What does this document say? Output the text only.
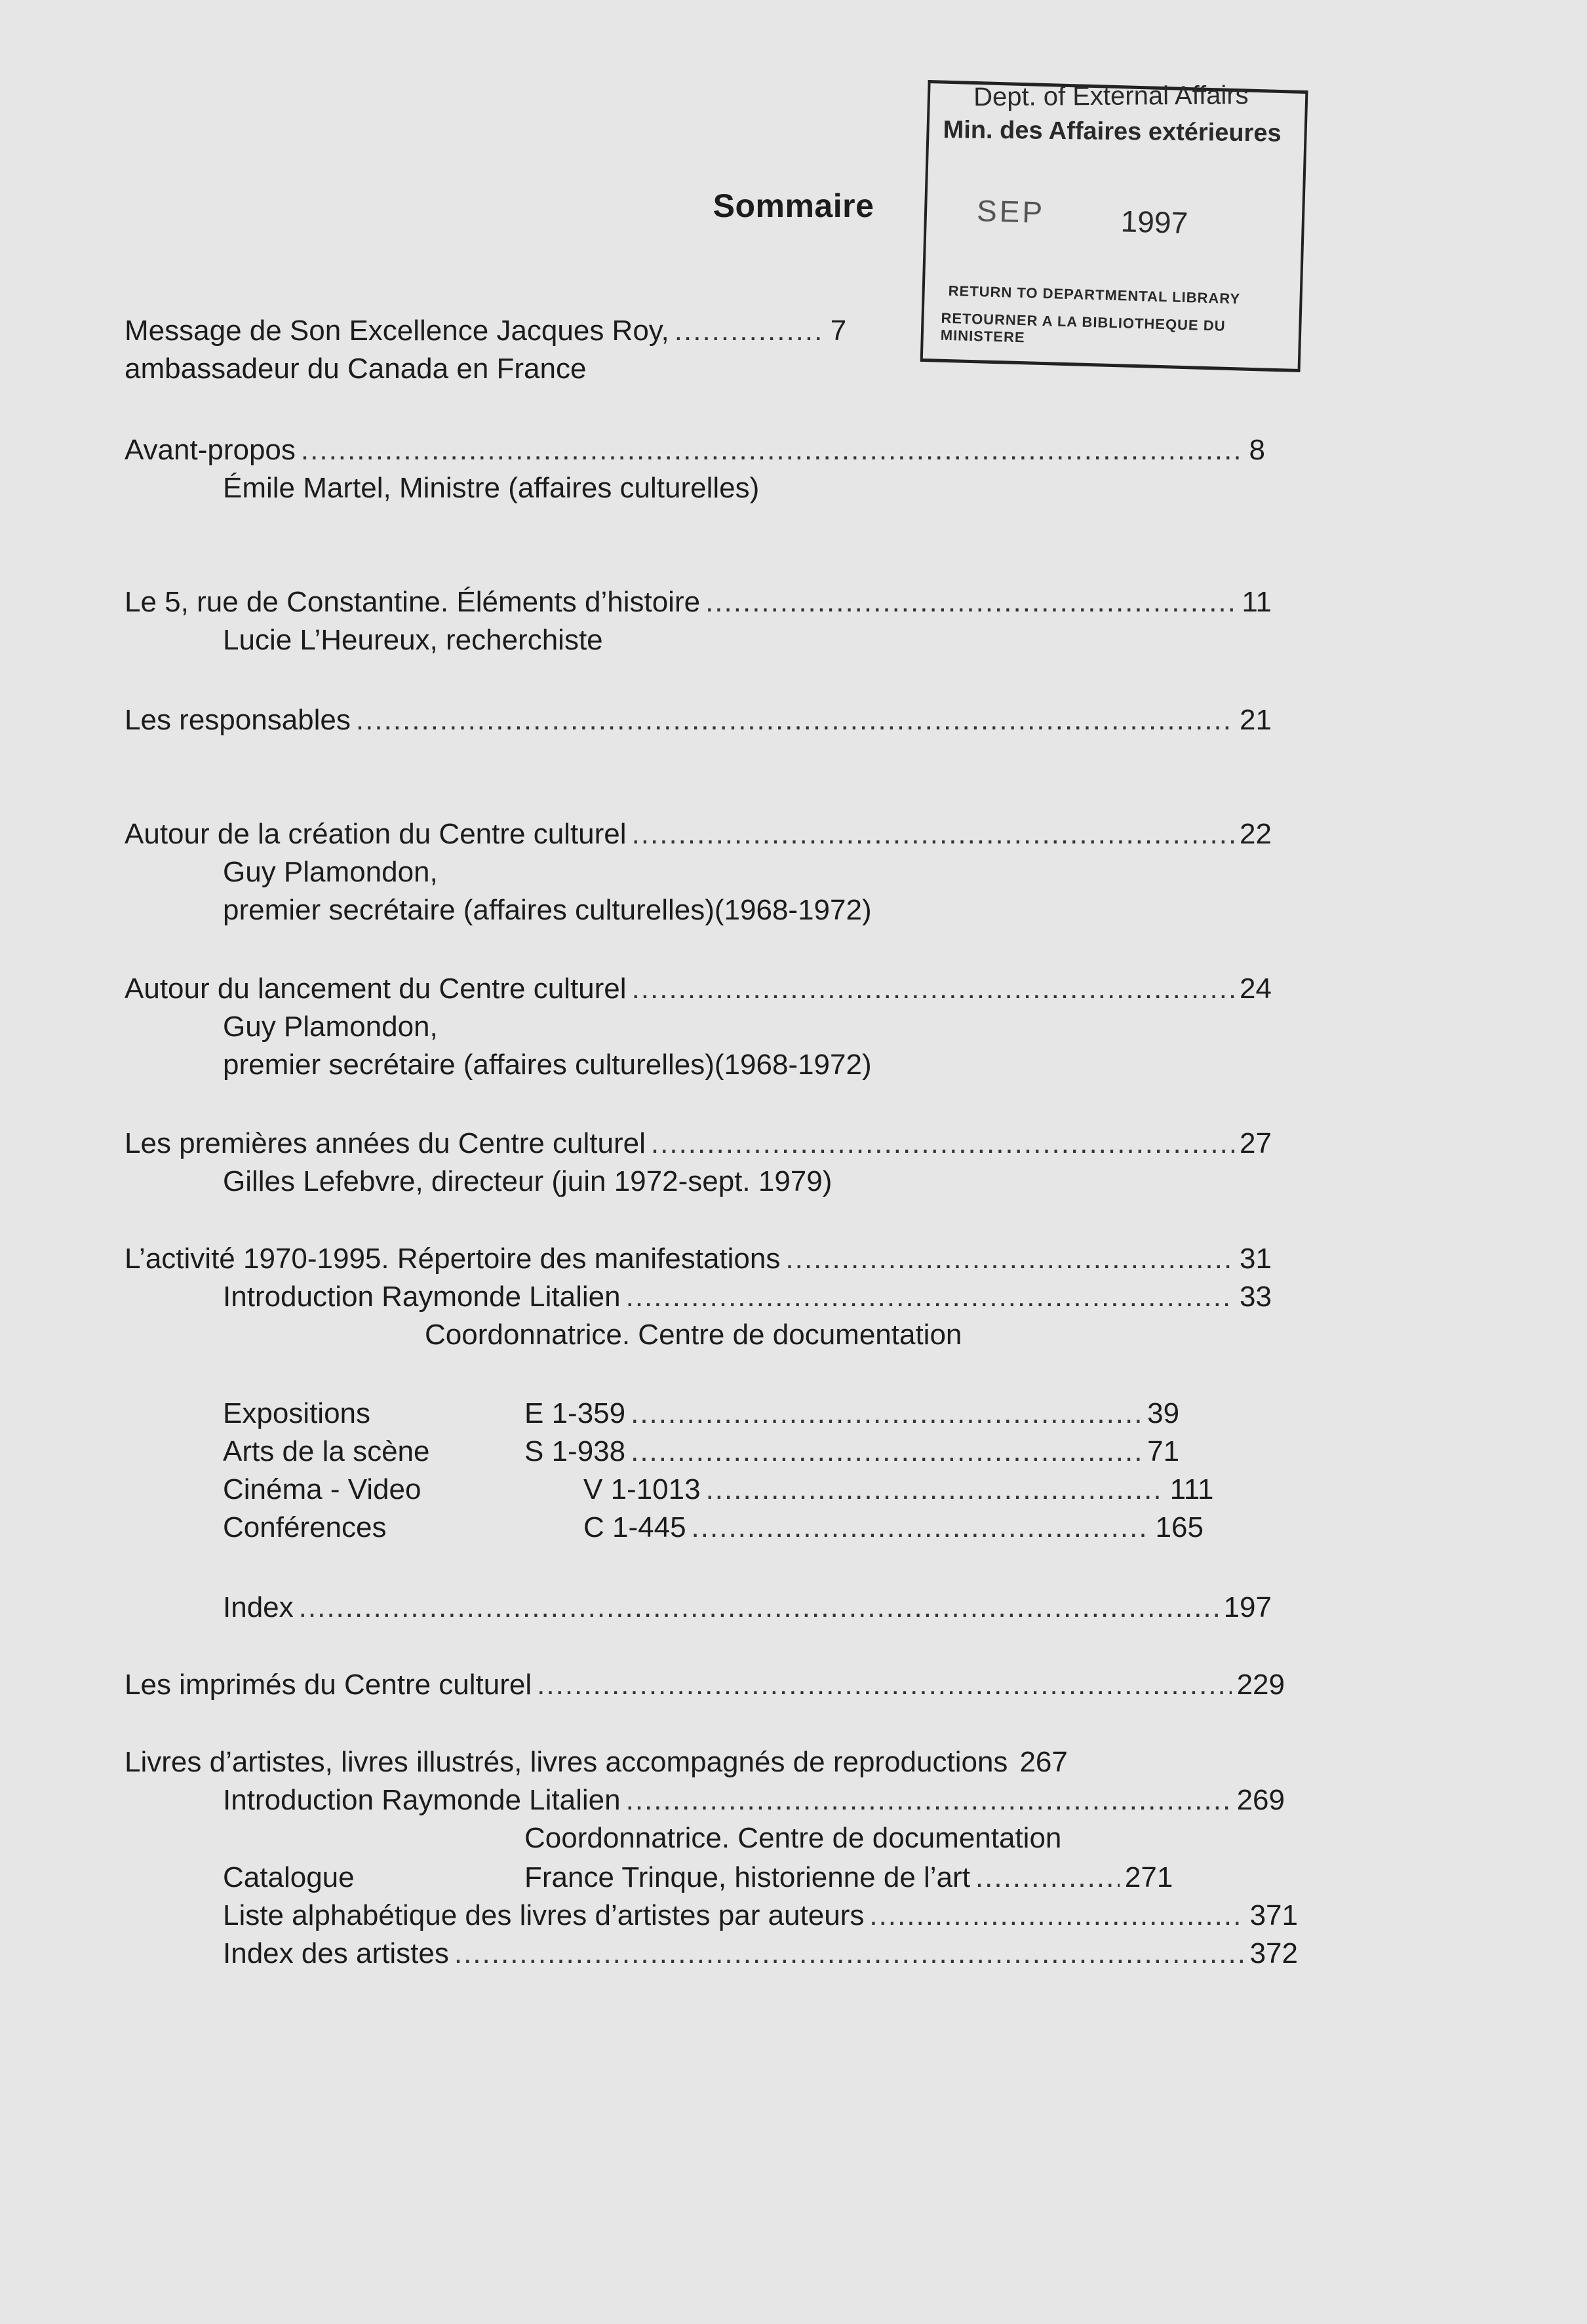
Dept. of External Affairs
Min. des Affaires extérieures
SEP 1997
RETURN TO DEPARTMENTAL LIBRARY
RETOURNER A LA BIBLIOTHEQUE DU MINISTERE
Sommaire
Message de Son Excellence Jacques Roy, .....	7
ambassadeur du Canada en France
Avant-propos .....	8
Émile Martel, Ministre (affaires culturelles)
Le 5, rue de Constantine. Éléments d’histoire .....	11
Lucie L’Heureux, recherchiste
Les responsables .....	21
Autour de la création du Centre culturel .....	22
Guy Plamondon,
premier secrétaire (affaires culturelles)(1968-1972)
Autour du lancement du Centre culturel .....	24
Guy Plamondon,
premier secrétaire (affaires culturelles)(1968-1972)
Les premières années du Centre culturel .....	27
Gilles Lefebvre, directeur (juin 1972-sept. 1979)
L’activité 1970-1995. Répertoire des manifestations .....	31
Introduction Raymonde Litalien .....	33
Coordonnatrice. Centre de documentation
Expositions	E 1-359 .....	39
Arts de la scène	S 1-938 .....	71
Cinéma - Video	V 1-1013 .....	111
Conférences	C 1-445 .....	165
Index .....	197
Les imprimés du Centre culturel .....	229
Livres d’artistes, livres illustrés, livres accompagnés de reproductions 267
Introduction Raymonde Litalien .....	269
Coordonnatrice. Centre de documentation
Catalogue	France Trinque, historienne de l’art .....	271
Liste alphabétique des livres d’artistes par auteurs .....	371
Index des artistes .....	372
